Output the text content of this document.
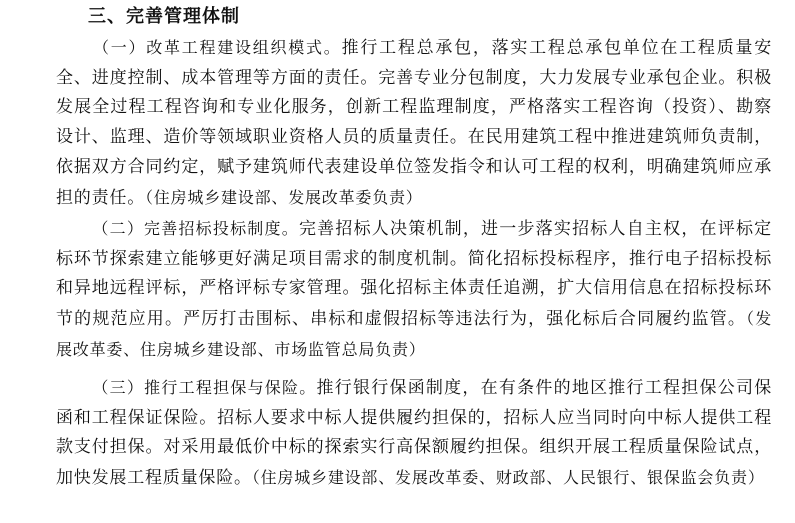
三、完善管理体制
（一）改革工程建设组织模式。推行工程总承包，落实工程总承包单位在工程质量安全、进度控制、成本管理等方面的责任。完善专业分包制度，大力发展专业承包企业。积极发展全过程工程咨询和专业化服务，创新工程监理制度，严格落实工程咨询（投资）、勘察设计、监理、造价等领域职业资格人员的质量责任。在民用建筑工程中推进建筑师负责制，依据双方合同约定，赋予建筑师代表建设单位签发指令和认可工程的权利，明确建筑师应承担的责任。（住房城乡建设部、发展改革委负责）
（二）完善招标投标制度。完善招标人决策机制，进一步落实招标人自主权，在评标定标环节探索建立能够更好满足项目需求的制度机制。简化招标投标程序，推行电子招标投标和异地远程评标，严格评标专家管理。强化招标主体责任追溯，扩大信用信息在招标投标环节的规范应用。严厉打击围标、串标和虚假招标等违法行为，强化标后合同履约监管。（发展改革委、住房城乡建设部、市场监管总局负责）
（三）推行工程担保与保险。推行银行保函制度，在有条件的地区推行工程担保公司保函和工程保证保险。招标人要求中标人提供履约担保的，招标人应当同时向中标人提供工程款支付担保。对采用最低价中标的探索实行高保额履约担保。组织开展工程质量保险试点，加快发展工程质量保险。（住房城乡建设部、发展改革委、财政部、人民银行、银保监会负责）
